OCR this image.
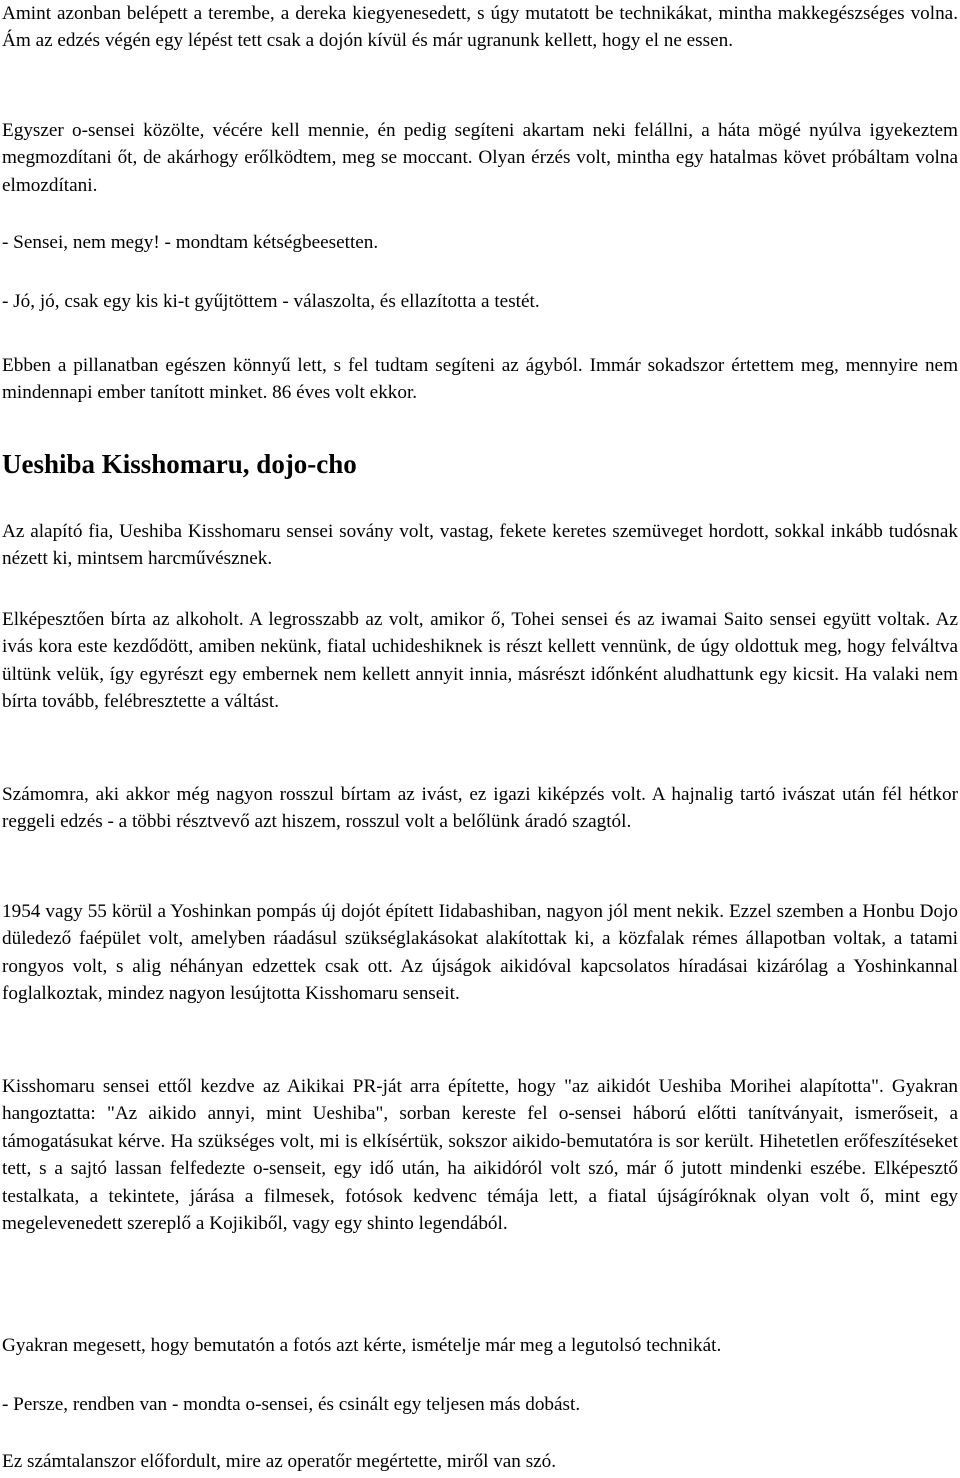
Amint azonban belépett a terembe, a dereka kiegyenesedett, s úgy mutatott be technikákat, mintha makkegészséges volna. Ám az edzés végén egy lépést tett csak a dojón kívül és már ugranunk kellett, hogy el ne essen.

Egyszer o-sensei közölte, vécére kell mennie, én pedig segíteni akartam neki felállni, a háta mögé nyúlva igyekeztem megmozdítani őt, de akárhogy erőlködtem, meg se moccant. Olyan érzés volt, mintha egy hatalmas követ próbáltam volna elmozdítani.

- Sensei, nem megy! - mondtam kétségbeesetten.

- Jó, jó, csak egy kis ki-t gyűjtöttem - válaszolta, és ellazította a testét.

Ebben a pillanatban egészen könnyű lett, s fel tudtam segíteni az ágyból. Immár sokadszor értettem meg, mennyire nem mindennapi ember tanított minket. 86 éves volt ekkor.

Ueshiba Kisshomaru, dojo-cho

Az alapító fia, Ueshiba Kisshomaru sensei sovány volt, vastag, fekete keretes szemüveget hordott, sokkal inkább tudósnak nézett ki, mintsem harcművésznek.

Elképesztően bírta az alkoholt. A legrosszabb az volt, amikor ő, Tohei sensei és az iwamai Saito sensei együtt voltak. Az ivás kora este kezdődött, amiben nekünk, fiatal uchideshiknek is részt kellett vennünk, de úgy oldottuk meg, hogy felváltva ültünk velük, így egyrészt egy embernek nem kellett annyit innia, másrészt időnként aludhattunk egy kicsit. Ha valaki nem bírta tovább, felébresztette a váltást.

Számomra, aki akkor még nagyon rosszul bírtam az ivást, ez igazi kiképzés volt. A hajnalig tartó ivászat után fél hétkor reggeli edzés - a többi résztvevő azt hiszem, rosszul volt a belőlünk áradó szagtól.

1954 vagy 55 körül a Yoshinkan pompás új dojót épített Iidabashiban, nagyon jól ment nekik. Ezzel szemben a Honbu Dojo düledező faépület volt, amelyben ráadásul szükséglakásokat alakítottak ki, a közfalak rémes állapotban voltak, a tatami rongyos volt, s alig néhányan edzettek csak ott. Az újságok aikidóval kapcsolatos híradásai kizárólag a Yoshinkannal foglalkoztak, mindez nagyon lesújtotta Kisshomaru senseit.

Kisshomaru sensei ettől kezdve az Aikikai PR-ját arra építette, hogy "az aikidót Ueshiba Morihei alapította". Gyakran hangoztatta: "Az aikido annyi, mint Ueshiba", sorban kereste fel o-sensei háború előtti tanítványait, ismerőseit, a támogatásukat kérve. Ha szükséges volt, mi is elkísértük, sokszor aikido-bemutatóra is sor került. Hihetetlen erőfeszítéseket tett, s a sajtó lassan felfedezte o-senseit, egy idő után, ha aikidóról volt szó, már ő jutott mindenki eszébe. Elképesztő testalkata, a tekintete, járása a filmesek, fotósok kedvenc témája lett, a fiatal újságíróknak olyan volt ő, mint egy megelevenedett szereplő a Kojikiből, vagy egy shinto legendából.

Gyakran megesett, hogy bemutatón a fotós azt kérte, ismételje már meg a legutolsó technikát.

- Persze, rendben van - mondta o-sensei, és csinált egy teljesen más dobást.

Ez számtalanszor előfordult, mire az operatőr megértette, miről van szó.
